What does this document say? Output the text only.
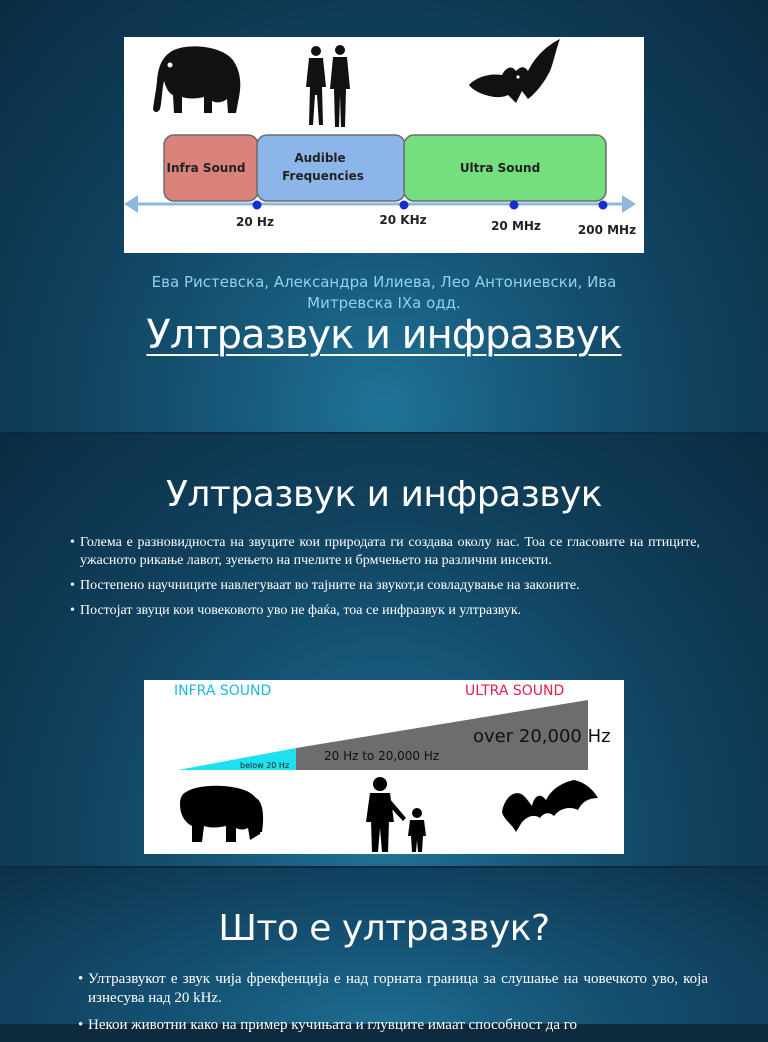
Infra Sound
Audible
Frequencies
Ultra Sound
20 Hz	20 KHz	20 MHz	200 MHz
Ева Ристевска, Александра Илиева, Лео Антониевски, Ива Митревска IXa одд.
Ултразвук и инфразвук
Ултразвук и инфразвук
• Голема е разновидноста на звуците кои природата ги создава околу нас. Тоа се гласовите на птиците, ужасното рикање лавот, зуењето на пчелите и брмчењето на различни инсекти.
• Постепено научниците навлегуваат во тајните на звукот,и совладување на законите.
• Постојат звуци кои човековото уво не фаќа, тоа се инфразвук и ултразвук.
INFRA SOUND	ULTRA SOUND
below 20 Hz
20 Hz to 20,000 Hz
over 20,000 Hz
Што е ултразвук?
• Ултразвукот е звук чија фрекфенција е над горната граница за слушање на човечкото уво, која изнесува над 20 kHz.
• Некои животни како на пример кучињата и глувците имаат способност да го
